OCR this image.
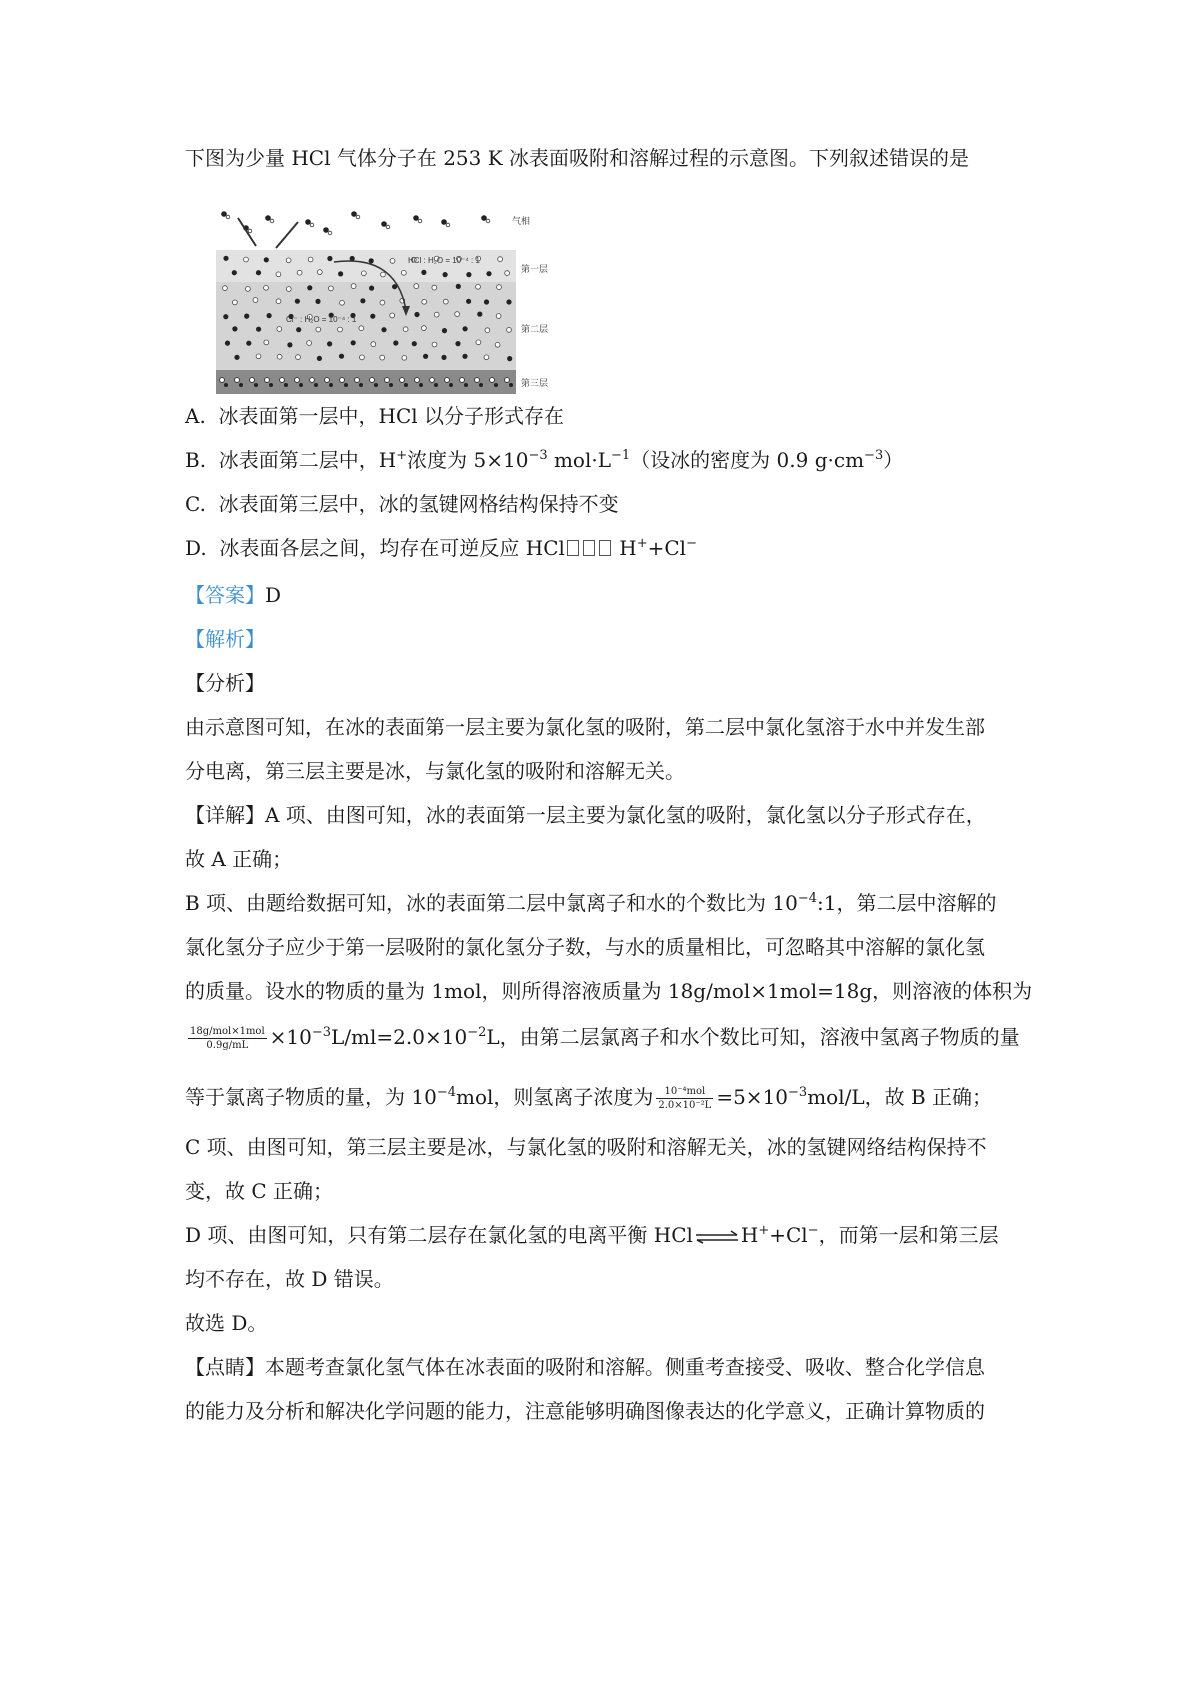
下图为少量 HCl 气体分子在 253 K 冰表面吸附和溶解过程的示意图。下列叙述错误的是
HCl : H₂O = 10⁻⁴ : 1
Cl⁻ : H₂O = 10⁻⁴ : 1
气相
第一层
第二层
第三层
A. 冰表面第一层中，HCl 以分子形式存在
B. 冰表面第二层中，H+浓度为 $5\times 10^{-3}$ $mol\cdot L^{-1}$（设冰的密度为 0.9 $g\cdot cm^{-3}$）
C. 冰表面第三层中，冰的氢键网格结构保持不变
D. 冰表面各层之间，均存在可逆反应 HCl H++Cl−
【答案】D
【解析】
【分析】
由示意图可知，在冰的表面第一层主要为氯化氢的吸附，第二层中氯化氢溶于水中并发生部
分电离，第三层主要是冰，与氯化氢的吸附和溶解无关。
【详解】A 项、由图可知，冰的表面第一层主要为氯化氢的吸附，氯化氢以分子形式存在，
故 A 正确；
B 项、由题给数据可知，冰的表面第二层中氯离子和水的个数比为 $10^{-4}:1$，第二层中溶解的
氯化氢分子应少于第一层吸附的氯化氢分子数，与水的质量相比，可忽略其中溶解的氯化氢
的质量。设水的物质的量为 1mol，则所得溶液质量为 18g/mol×1mol=18g，则溶液的体积为
$\frac{\text{18g/mol×1mol}}{0.9g/mL} \times 10^{-3}L/ml=2.0\times 10^{-2}L$，由第二层氯离子和水个数比可知，溶液中氢离子物质的量
等于氯离子物质的量，为 $10^{-4}mol$，则氢离子浓度为 $\frac{\text{10⁻⁴mol}}{\text{2.0×10⁻²L}} =5\times 10^{-3}mol/L$，故 B 正确；
C 项、由图可知，第三层主要是冰，与氯化氢的吸附和溶解无关，冰的氢键网络结构保持不
变，故 C 正确；
D 项、由图可知，只有第二层存在氯化氢的电离平衡 HCl ⇌ H++Cl−，而第一层和第三层
均不存在，故 D 错误。
故选 D。
【点睛】本题考查氯化氢气体在冰表面的吸附和溶解。侧重考查接受、吸收、整合化学信息
的能力及分析和解决化学问题的能力，注意能够明确图像表达的化学意义，正确计算物质的
